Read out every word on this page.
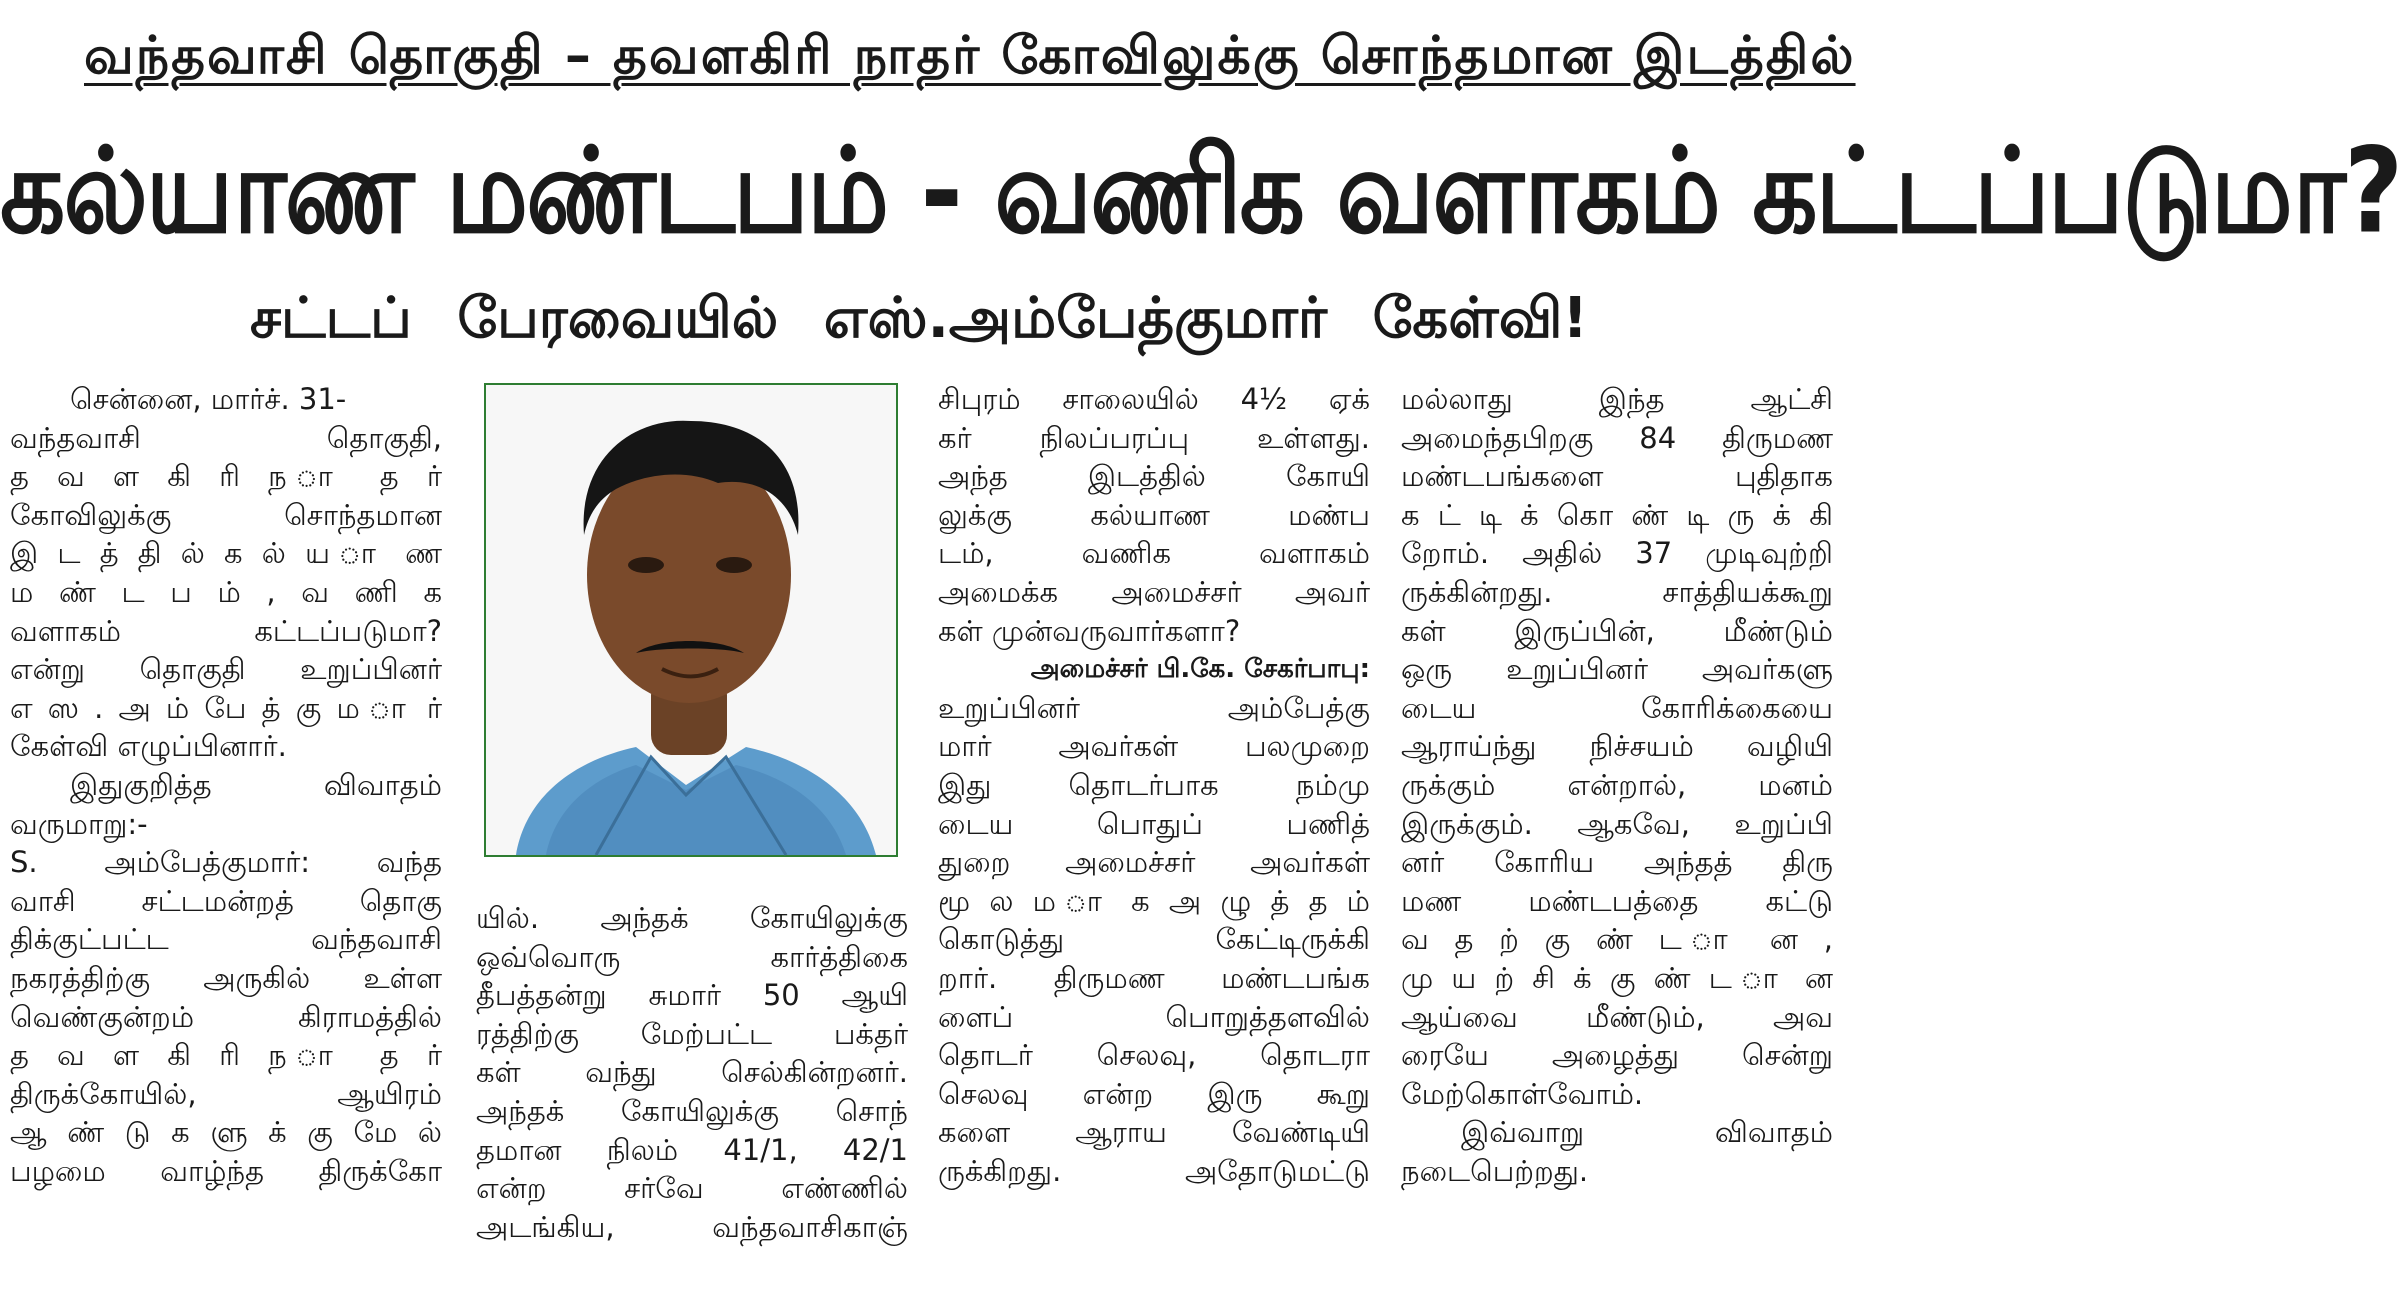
வந்தவாசி தொகுதி – தவளகிரி நாதர் கோவிலுக்கு சொந்தமான இடத்தில்
கல்யாண மண்டபம் - வணிக வளாகம் கட்டப்படுமா?
சட்டப் பேரவையில் எஸ்.அம்பேத்குமார் கேள்வி!
சென்னை, மார்ச். 31-
வந்தவாசி தொகுதி,
த வ ள கி ரி ந ா த ர்
கோவிலுக்கு சொந்தமான
இ ட த் தி ல் க ல் ய ா ண
ம ண் ட ப ம் , வ ணி க
வளாகம் கட்டப்படுமா?
என்று தொகுதி உறுப்பினர்
எ ஸ . அ ம் பே த் கு ம ா ர்
கேள்வி எழுப்பினார்.
இதுகுறித்த விவாதம்
வருமாறு:-
S. அம்பேத்குமார்: வந்த
வாசி சட்டமன்றத் தொகு
திக்குட்பட்ட வந்தவாசி
நகரத்திற்கு அருகில் உள்ள
வெண்குன்றம் கிராமத்தில்
த வ ள கி ரி ந ா த ர்
திருக்கோயில், ஆயிரம்
ஆ ண் டு க ளு க் கு மே ல்
பழமை வாழ்ந்த திருக்கோ
யில். அந்தக் கோயிலுக்கு
ஒவ்வொரு கார்த்திகை
தீபத்தன்று சுமார் 50 ஆயி
ரத்திற்கு மேற்பட்ட பக்தர்
கள் வந்து செல்கின்றனர்.
அந்தக் கோயிலுக்கு சொந்
தமான நிலம் 41/1, 42/1
என்ற சர்வே எண்ணில்
அடங்கிய, வந்தவாசிகாஞ்
சிபுரம் சாலையில் 4½ ஏக்
கர் நிலப்பரப்பு உள்ளது.
அந்த இடத்தில் கோயி
லுக்கு கல்யாண மண்ப
டம், வணிக வளாகம்
அமைக்க அமைச்சர் அவர்
கள் முன்வருவார்களா?
அமைச்சர் பி.கே. சேகர்பாபு:
உறுப்பினர் அம்பேத்கு
மார் அவர்கள் பலமுறை
இது தொடர்பாக நம்மு
டைய பொதுப் பணித்
துறை அமைச்சர் அவர்கள்
மூ ல ம ா க அ ழு த் த ம்
கொடுத்து கேட்டிருக்கி
றார். திருமண மண்டபங்க
ளைப் பொறுத்தளவில்
தொடர் செலவு, தொடரா
செலவு என்ற இரு கூறு
களை ஆராய வேண்டியி
ருக்கிறது. அதோடுமட்டு
மல்லாது இந்த ஆட்சி
அமைந்தபிறகு 84 திருமண
மண்டபங்களை புதிதாக
க ட் டி க் கொ ண் டி ரு க் கி
றோம். அதில் 37 முடிவுற்றி
ருக்கின்றது. சாத்தியக்கூறு
கள் இருப்பின், மீண்டும்
ஒரு உறுப்பினர் அவர்களு
டைய கோரிக்கையை
ஆராய்ந்து நிச்சயம் வழியி
ருக்கும் என்றால், மனம்
இருக்கும். ஆகவே, உறுப்பி
னர் கோரிய அந்தத் திரு
மண மண்டபத்தை கட்டு
வ த ற் கு ண் ட ா ன ,
மு ய ற் சி க் கு ண் ட ா ன
ஆய்வை மீண்டும், அவ
ரையே அழைத்து சென்று
மேற்கொள்வோம்.
இவ்வாறு விவாதம்
நடைபெற்றது.
